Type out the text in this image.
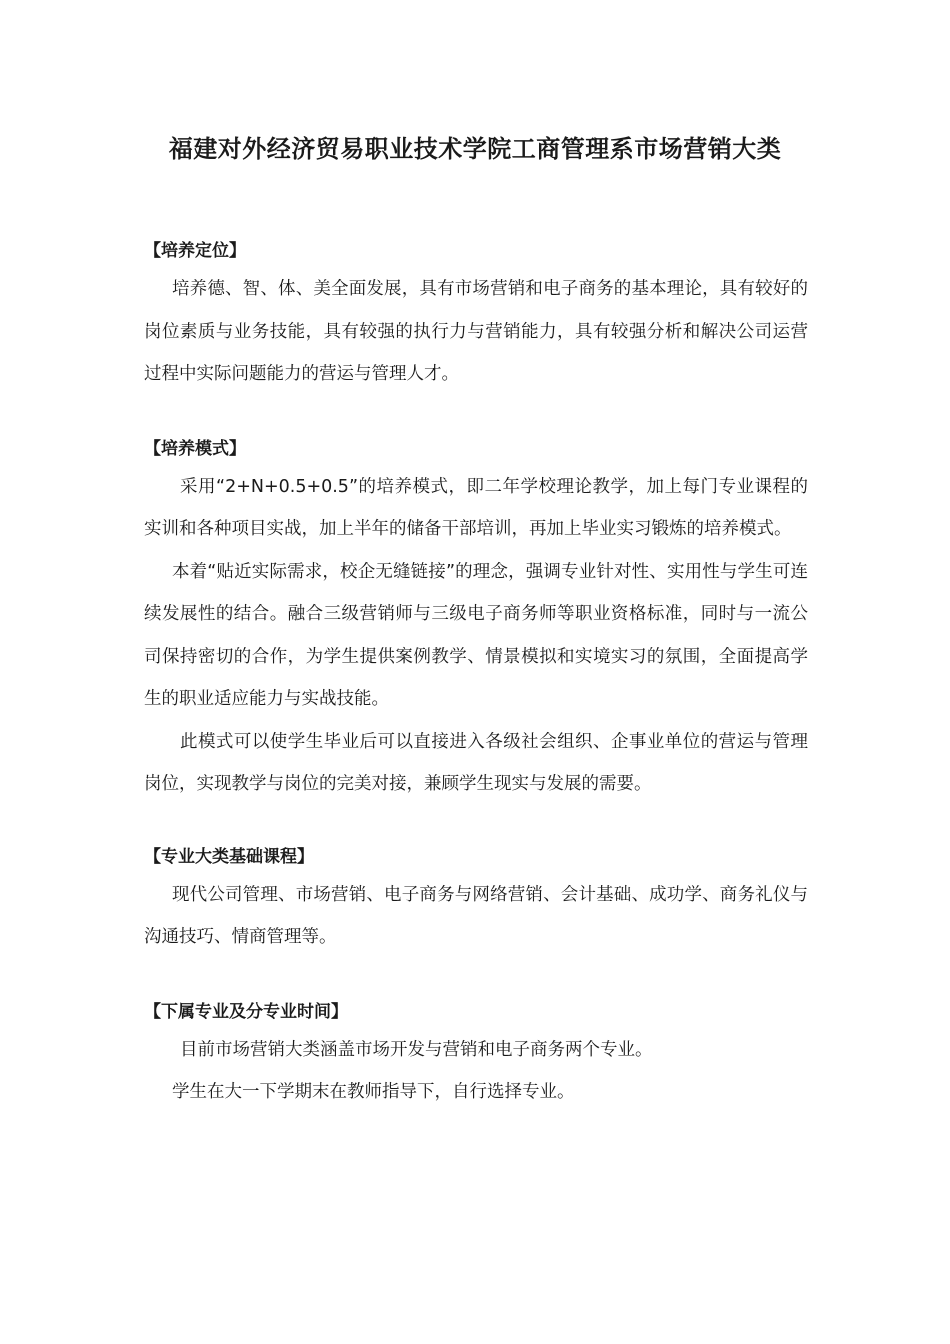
福建对外经济贸易职业技术学院工商管理系市场营销大类

【培养定位】

培养德、智、体、美全面发展，具有市场营销和电子商务的基本理论，具有较好的岗位素质与业务技能，具有较强的执行力与营销能力，具有较强分析和解决公司运营过程中实际问题能力的营运与管理人才。

【培养模式】

采用“2+N+0.5+0.5”的培养模式，即二年学校理论教学，加上每门专业课程的实训和各种项目实战，加上半年的储备干部培训，再加上毕业实习锻炼的培养模式。

本着“贴近实际需求，校企无缝链接”的理念，强调专业针对性、实用性与学生可连续发展性的结合。融合三级营销师与三级电子商务师等职业资格标准，同时与一流公司保持密切的合作，为学生提供案例教学、情景模拟和实境实习的氛围，全面提高学生的职业适应能力与实战技能。

此模式可以使学生毕业后可以直接进入各级社会组织、企事业单位的营运与管理岗位，实现教学与岗位的完美对接，兼顾学生现实与发展的需要。

【专业大类基础课程】

现代公司管理、市场营销、电子商务与网络营销、会计基础、成功学、商务礼仪与沟通技巧、情商管理等。

【下属专业及分专业时间】

目前市场营销大类涵盖市场开发与营销和电子商务两个专业。

学生在大一下学期末在教师指导下，自行选择专业。
